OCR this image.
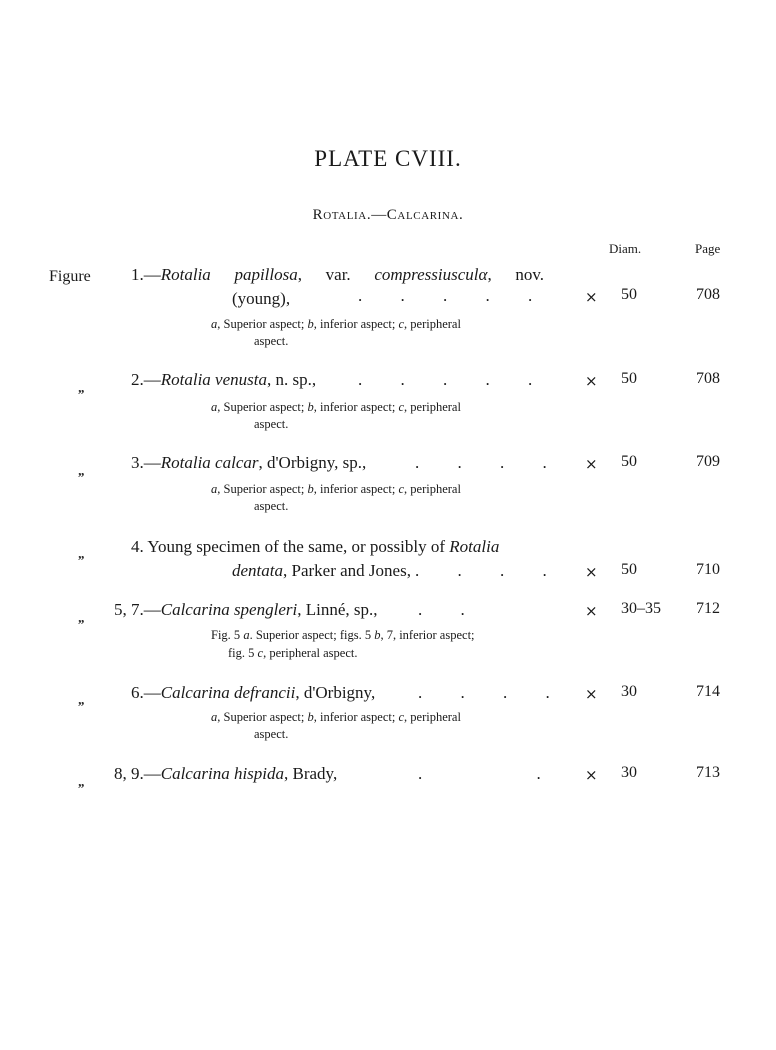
PLATE CVIII.
Rotalia.—Calcarina.
Diam.	Page
Figure 1.—Rotalia papillosa, var. compressiusculα, nov.
(young),	. . . . .	× 50	708
a, Superior aspect; b, inferior aspect; c, peripheral
aspect.
„	2.—Rotalia venusta, n. sp., . . . . .	× 50	708
a, Superior aspect; b, inferior aspect; c, peripheral
aspect.
„	3.—Rotalia calcar, d'Orbigny, sp.,	. . . .	× 50	709
a, Superior aspect; b, inferior aspect; c, peripheral
aspect.
„	4. Young specimen of the same, or possibly of Rotalia
dentata, Parker and Jones, . . . .	× 50	710
„ 5, 7.—Calcarina spengleri, Linné, sp., . .	× 30–35 712
Fig. 5 a. Superior aspect; figs. 5 b, 7, inferior aspect;
fig. 5 c, peripheral aspect.
„	6.—Calcarina defrancii, d'Orbigny,	. . . . × 30	714
a, Superior aspect; b, inferior aspect; c, peripheral
aspect.
„ 8, 9.—Calcarina hispida, Brady,	. .	× 30	713
